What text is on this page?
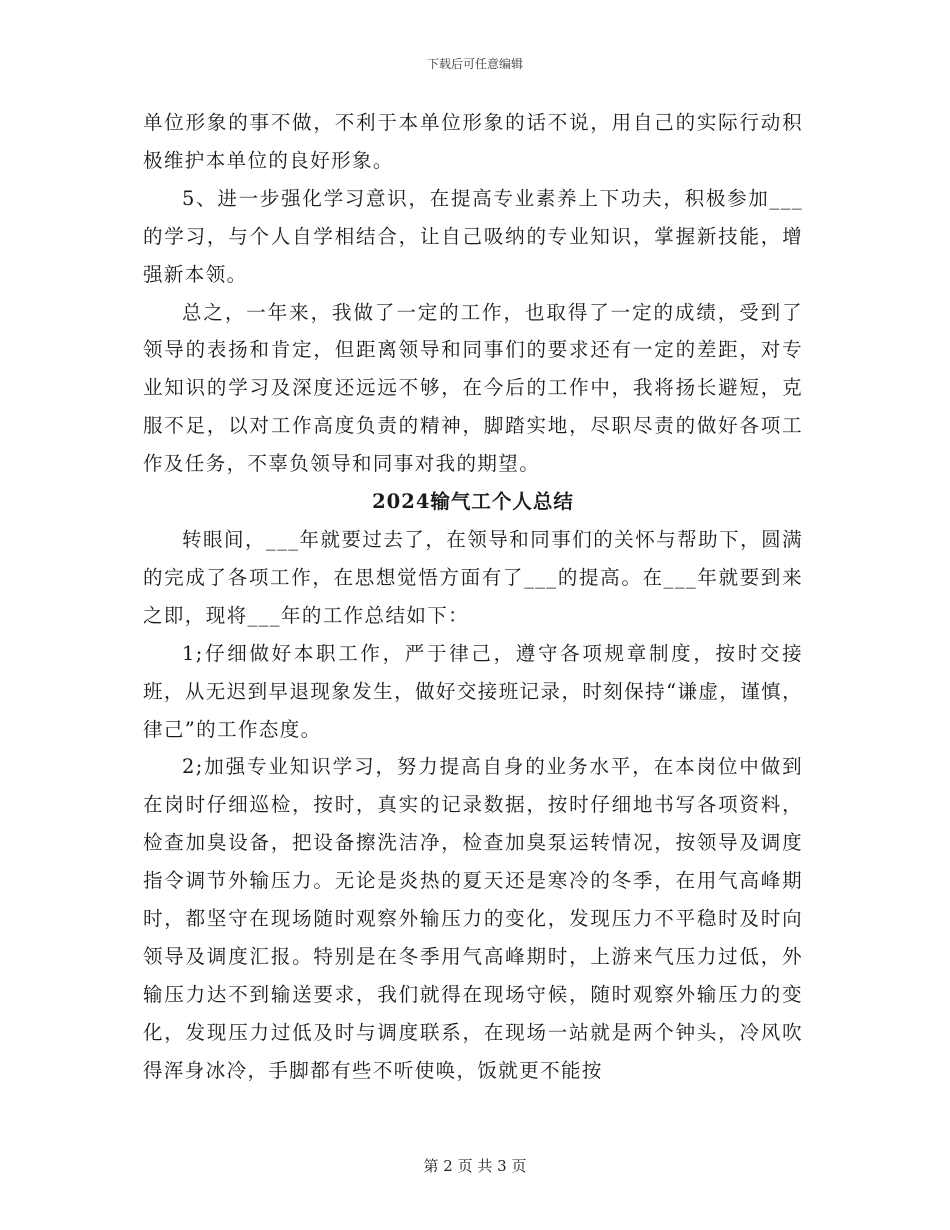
下载后可任意编辑

单位形象的事不做，不利于本单位形象的话不说，用自己的实际行动积极维护本单位的良好形象。

5、进一步强化学习意识，在提高专业素养上下功夫，积极参加___的学习，与个人自学相结合，让自己吸纳的专业知识，掌握新技能，增强新本领。

总之，一年来，我做了一定的工作，也取得了一定的成绩，受到了领导的表扬和肯定，但距离领导和同事们的要求还有一定的差距，对专业知识的学习及深度还远远不够，在今后的工作中，我将扬长避短，克服不足，以对工作高度负责的精神，脚踏实地，尽职尽责的做好各项工作及任务，不辜负领导和同事对我的期望。

2024输气工个人总结

转眼间，___年就要过去了，在领导和同事们的关怀与帮助下，圆满的完成了各项工作，在思想觉悟方面有了___的提高。在___年就要到来之即，现将___年的工作总结如下：

1;仔细做好本职工作，严于律己，遵守各项规章制度，按时交接班，从无迟到早退现象发生，做好交接班记录，时刻保持“谦虚，谨慎，律己”的工作态度。

2;加强专业知识学习，努力提高自身的业务水平，在本岗位中做到在岗时仔细巡检，按时，真实的记录数据，按时仔细地书写各项资料，检查加臭设备，把设备擦洗洁净，检查加臭泵运转情况，按领导及调度指令调节外输压力。无论是炎热的夏天还是寒冷的冬季，在用气高峰期时，都坚守在现场随时观察外输压力的变化，发现压力不平稳时及时向领导及调度汇报。特别是在冬季用气高峰期时，上游来气压力过低，外输压力达不到输送要求，我们就得在现场守候，随时观察外输压力的变化，发现压力过低及时与调度联系，在现场一站就是两个钟头，冷风吹得浑身冰冷，手脚都有些不听使唤，饭就更不能按

第 2 页 共 3 页
